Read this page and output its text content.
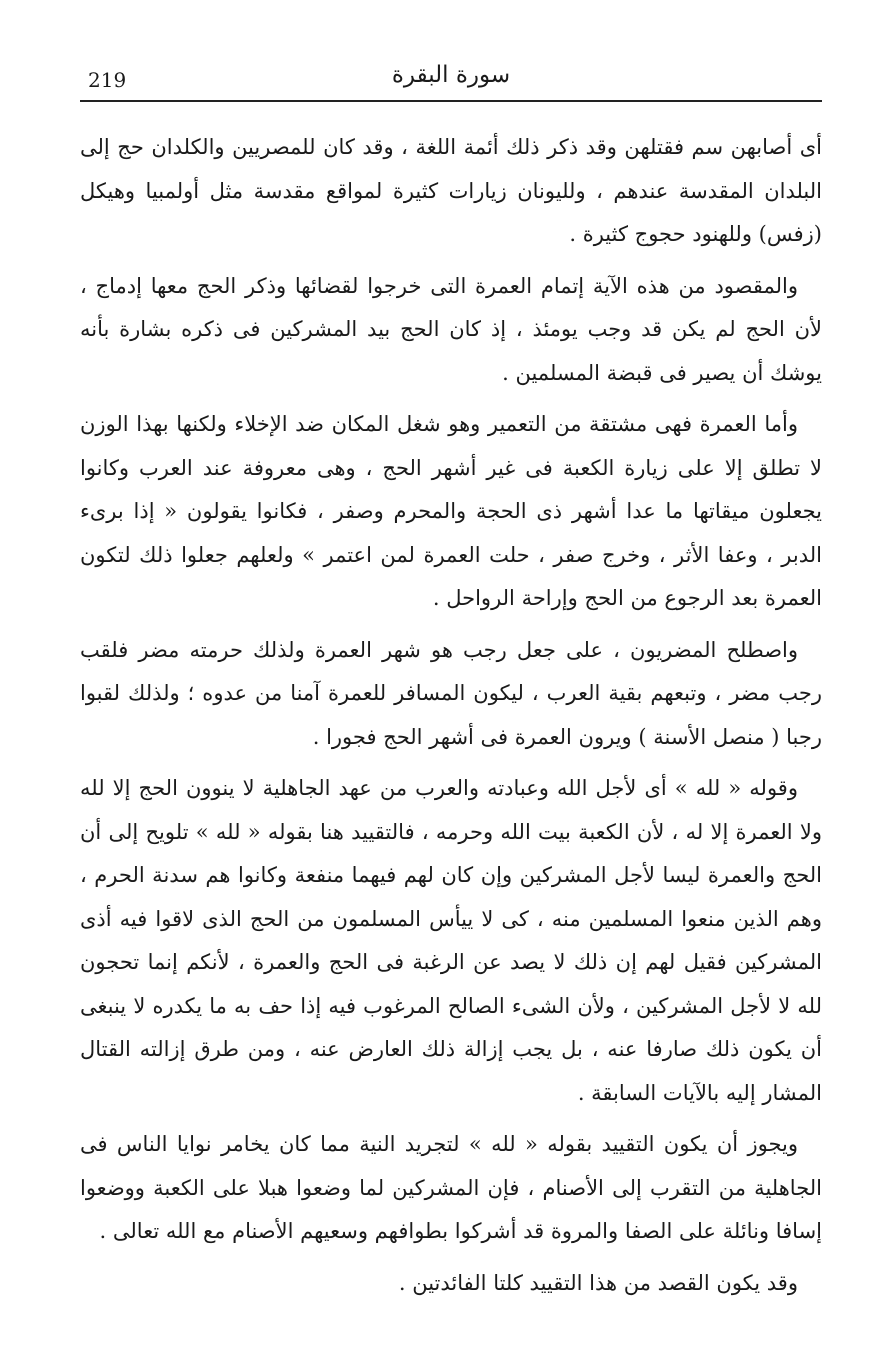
219	سورة البقرة

أى أصابهن سم فقتلهن وقد ذكر ذلك أئمة اللغة ، وقد كان للمصريين والكلدان حج إلى البلدان المقدسة عندهم ، ولليونان زيارات كثيرة لمواقع مقدسة مثل أولمبيا وهيكل (زفس) وللهنود حجوج كثيرة .

والمقصود من هذه الآية إتمام العمرة التى خرجوا لقضائها وذكر الحج معها إدماج ، لأن الحج لم يكن قد وجب يومئذ ، إذ كان الحج بيد المشركين فى ذكره بشارة بأنه يوشك أن يصير فى قبضة المسلمين .

وأما العمرة فهى مشتقة من التعمير وهو شغل المكان ضد الإخلاء ولكنها بهذا الوزن لا تطلق إلا على زيارة الكعبة فى غير أشهر الحج ، وهى معروفة عند العرب وكانوا يجعلون ميقاتها ما عدا أشهر ذى الحجة والمحرم وصفر ، فكانوا يقولون « إذا برىء الدبر ، وعفا الأثر ، وخرج صفر ، حلت العمرة لمن اعتمر » ولعلهم جعلوا ذلك لتكون العمرة بعد الرجوع من الحج وإراحة الرواحل .

واصطلح المضريون ، على جعل رجب هو شهر العمرة ولذلك حرمته مضر فلقب رجب مضر ، وتبعهم بقية العرب ، ليكون المسافر للعمرة آمنا من عدوه ؛ ولذلك لقبوا رجبا ( منصل الأسنة ) ويرون العمرة فى أشهر الحج فجورا .

وقوله « لله » أى لأجل الله وعبادته والعرب من عهد الجاهلية لا ينوون الحج إلا لله ولا العمرة إلا له ، لأن الكعبة بيت الله وحرمه ، فالتقييد هنا بقوله « لله » تلويح إلى أن الحج والعمرة ليسا لأجل المشركين وإن كان لهم فيهما منفعة وكانوا هم سدنة الحرم ، وهم الذين منعوا المسلمين منه ، كى لا ييأس المسلمون من الحج الذى لاقوا فيه أذى المشركين فقيل لهم إن ذلك لا يصد عن الرغبة فى الحج والعمرة ، لأنكم إنما تحجون لله لا لأجل المشركين ، ولأن الشىء الصالح المرغوب فيه إذا حف به ما يكدره لا ينبغى أن يكون ذلك صارفا عنه ، بل يجب إزالة ذلك العارض عنه ، ومن طرق إزالته القتال المشار إليه بالآيات السابقة .

ويجوز أن يكون التقييد بقوله « لله » لتجريد النية مما كان يخامر نوايا الناس فى الجاهلية من التقرب إلى الأصنام ، فإن المشركين لما وضعوا هبلا على الكعبة ووضعوا إسافا ونائلة على الصفا والمروة قد أشركوا بطوافهم وسعيهم الأصنام مع الله تعالى .

وقد يكون القصد من هذا التقييد كلتا الفائدتين .
